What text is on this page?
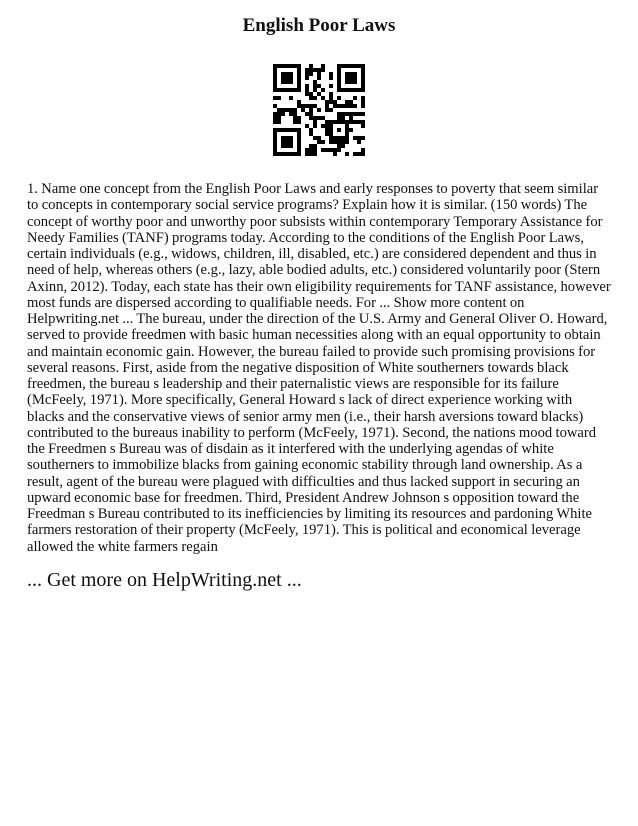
English Poor Laws

1. Name one concept from the English Poor Laws and early responses to poverty that seem similar to concepts in contemporary social service programs? Explain how it is similar. (150 words) The concept of worthy poor and unworthy poor subsists within contemporary Temporary Assistance for Needy Families (TANF) programs today. According to the conditions of the English Poor Laws, certain individuals (e.g., widows, children, ill, disabled, etc.) are considered dependent and thus in need of help, whereas others (e.g., lazy, able bodied adults, etc.) considered voluntarily poor (Stern Axinn, 2012). Today, each state has their own eligibility requirements for TANF assistance, however most funds are dispersed according to qualifiable needs. For ... Show more content on Helpwriting.net ... The bureau, under the direction of the U.S. Army and General Oliver O. Howard, served to provide freedmen with basic human necessities along with an equal opportunity to obtain and maintain economic gain. However, the bureau failed to provide such promising provisions for several reasons. First, aside from the negative disposition of White southerners towards black freedmen, the bureau s leadership and their paternalistic views are responsible for its failure (McFeely, 1971). More specifically, General Howard s lack of direct experience working with blacks and the conservative views of senior army men (i.e., their harsh aversions toward blacks) contributed to the bureaus inability to perform (McFeely, 1971). Second, the nations mood toward the Freedmen s Bureau was of disdain as it interfered with the underlying agendas of white southerners to immobilize blacks from gaining economic stability through land ownership. As a result, agent of the bureau were plagued with difficulties and thus lacked support in securing an upward economic base for freedmen. Third, President Andrew Johnson s opposition toward the Freedman s Bureau contributed to its inefficiencies by limiting its resources and pardoning White farmers restoration of their property (McFeely, 1971). This is political and economical leverage allowed the white farmers regain

... Get more on HelpWriting.net ...
